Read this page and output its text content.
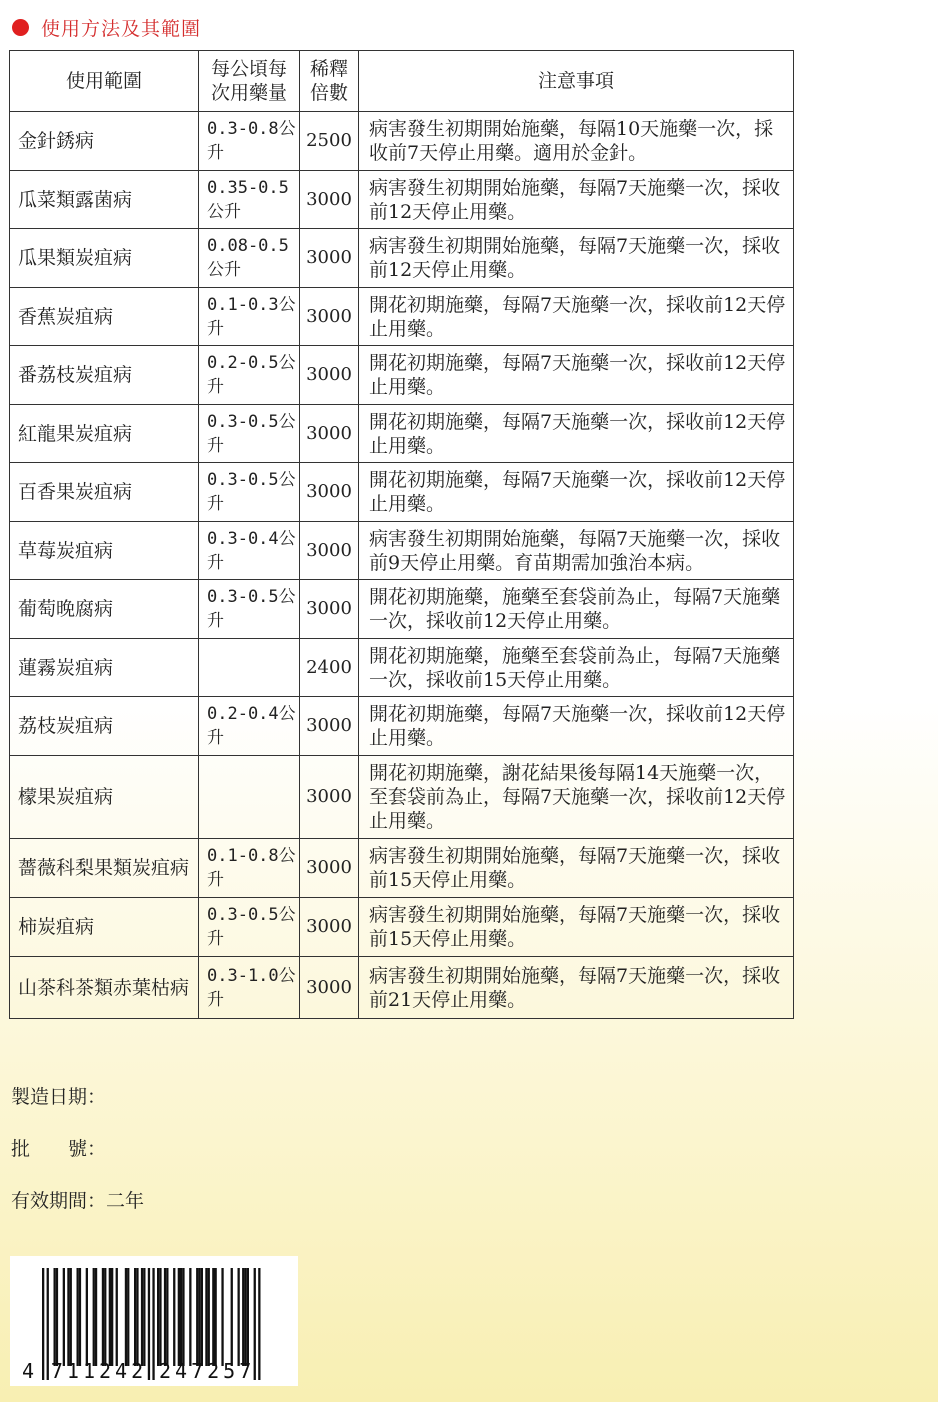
使用方法及其範圍
使用範圍	每公頃每次用藥量	稀釋倍數	注意事項
金針銹病	0.3-0.8公升	2500	病害發生初期開始施藥，每隔10天施藥一次，採收前7天停止用藥。適用於金針。
瓜菜類露菌病	0.35-0.5公升	3000	病害發生初期開始施藥，每隔7天施藥一次，採收前12天停止用藥。
瓜果類炭疽病	0.08-0.5公升	3000	病害發生初期開始施藥，每隔7天施藥一次，採收前12天停止用藥。
香蕉炭疽病	0.1-0.3公升	3000	開花初期施藥，每隔7天施藥一次，採收前12天停止用藥。
番荔枝炭疽病	0.2-0.5公升	3000	開花初期施藥，每隔7天施藥一次，採收前12天停止用藥。
紅龍果炭疽病	0.3-0.5公升	3000	開花初期施藥，每隔7天施藥一次，採收前12天停止用藥。
百香果炭疽病	0.3-0.5公升	3000	開花初期施藥，每隔7天施藥一次，採收前12天停止用藥。
草莓炭疽病	0.3-0.4公升	3000	病害發生初期開始施藥，每隔7天施藥一次，採收前9天停止用藥。育苗期需加強治本病。
葡萄晚腐病	0.3-0.5公升	3000	開花初期施藥，施藥至套袋前為止，每隔7天施藥一次，採收前12天停止用藥。
蓮霧炭疽病		2400	開花初期施藥，施藥至套袋前為止，每隔7天施藥一次，採收前15天停止用藥。
荔枝炭疽病	0.2-0.4公升	3000	開花初期施藥，每隔7天施藥一次，採收前12天停止用藥。
檬果炭疽病		3000	開花初期施藥，謝花結果後每隔14天施藥一次，至套袋前為止，每隔7天施藥一次，採收前12天停止用藥。
薔薇科梨果類炭疽病	0.1-0.8公升	3000	病害發生初期開始施藥，每隔7天施藥一次，採收前15天停止用藥。
柿炭疽病	0.3-0.5公升	3000	病害發生初期開始施藥，每隔7天施藥一次，採收前15天停止用藥。
山茶科茶類赤葉枯病	0.3-1.0公升	3000	病害發生初期開始施藥，每隔7天施藥一次，採收前21天停止用藥。
製造日期：
批　　號：
有效期間：二年
4 711242 247257
